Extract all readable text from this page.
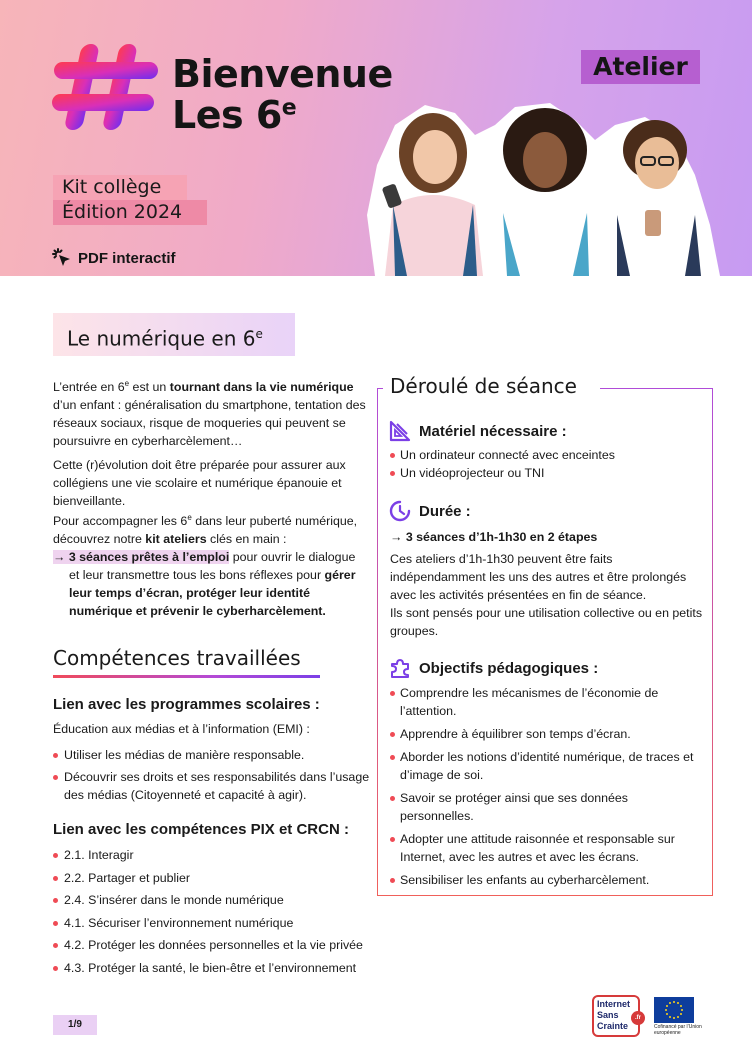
Bienvenue
Les 6e
Atelier
Kit collège
Édition 2024
PDF interactif
Le numérique en 6e
L’entrée en 6e est un tournant dans la vie numérique d’un enfant : généralisation du smartphone, tentation des réseaux sociaux, risque de moqueries qui peuvent se poursuivre en cyberharcèlement…
Cette (r)évolution doit être préparée pour assurer aux collégiens une vie scolaire et numérique épanouie et bienveillante.
Pour accompagner les 6e dans leur puberté numérique, découvrez notre kit ateliers clés en main :
→ 3 séances prêtes à l’emploi pour ouvrir le dialogue
et leur transmettre tous les bons réflexes pour gérer leur temps d’écran, protéger leur identité numérique et prévenir le cyberharcèlement.
Compétences travaillées
Lien avec les programmes scolaires :
Éducation aux médias et à l’information (EMI) :
Utiliser les médias de manière responsable.
Découvrir ses droits et ses responsabilités dans l’usage des médias (Citoyenneté et capacité à agir).
Lien avec les compétences PIX et CRCN :
2.1. Interagir
2.2. Partager et publier
2.4. S’insérer dans le monde numérique
4.1. Sécuriser l’environnement numérique
4.2. Protéger les données personnelles et la vie privée
4.3. Protéger la santé, le bien-être et l’environnement
Déroulé de séance
Matériel nécessaire :
Un ordinateur connecté avec enceintes
Un vidéoprojecteur ou TNI
Durée :
→ 3 séances d’1h-1h30 en 2 étapes
Ces ateliers d’1h-1h30 peuvent être faits indépendamment les uns des autres et être prolongés avec les activités présentées en fin de séance.
Ils sont pensés pour une utilisation collective ou en petits groupes.
Objectifs pédagogiques :
Comprendre les mécanismes de l’économie de l’attention.
Apprendre à équilibrer son temps d’écran.
Aborder les notions d’identité numérique, de traces et d’image de soi.
Savoir se protéger ainsi que ses données personnelles.
Adopter une attitude raisonnée et responsable sur Internet, avec les autres et avec les écrans.
Sensibiliser les enfants au cyberharcèlement.
1/9
Internet
Sans
Crainte
.fr
Cofinancé par l’Union européenne
